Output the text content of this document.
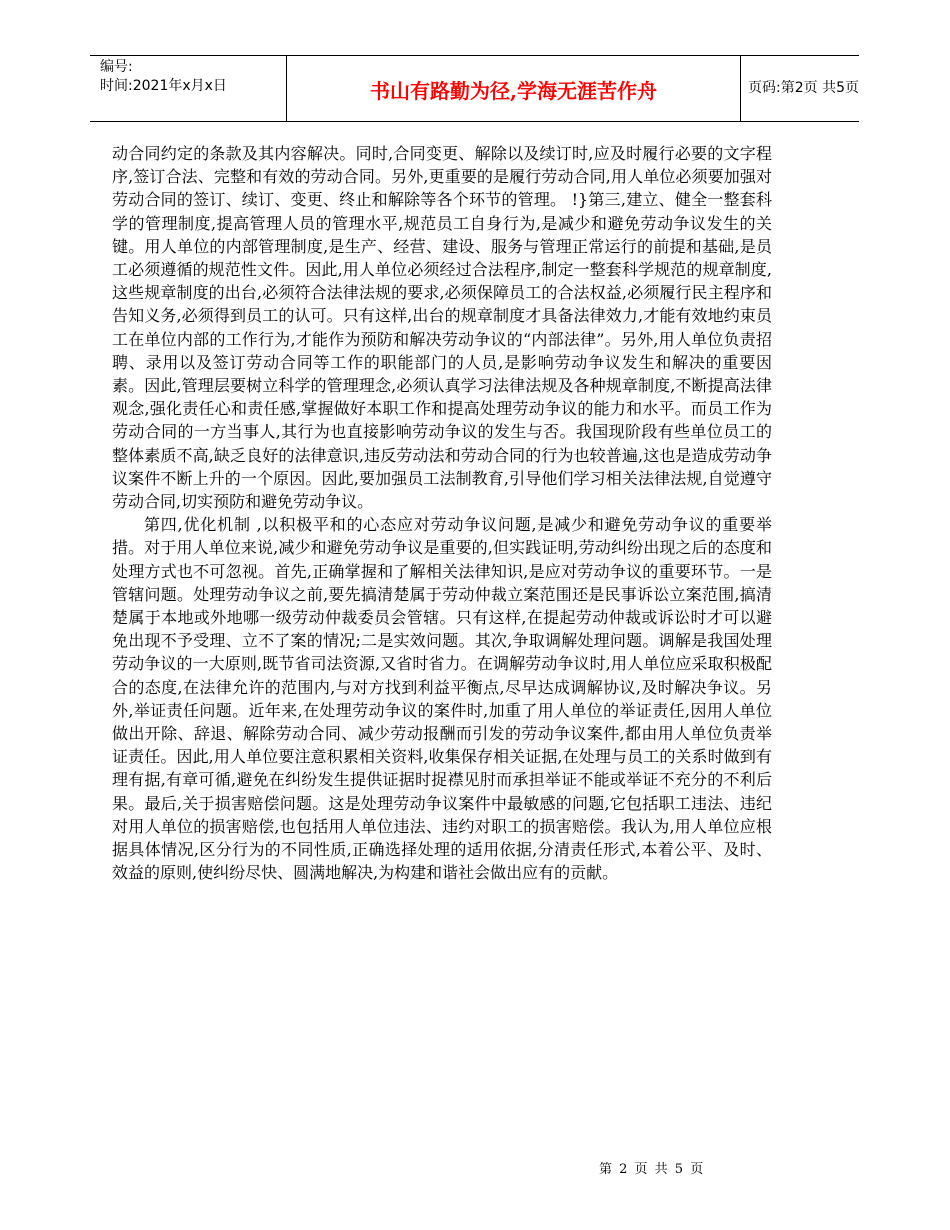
编号:
时间:2021年x月x日	书山有路勤为径,学海无涯苦作舟	页码:第2页 共5页

动合同约定的条款及其内容解决。同时,合同变更、解除以及续订时,应及时履行必要的文字程序,签订合法、完整和有效的劳动合同。另外,更重要的是履行劳动合同,用人单位必须要加强对劳动合同的签订、续订、变更、终止和解除等各个环节的管理。 !}第三,建立、健全一整套科学的管理制度,提高管理人员的管理水平,规范员工自身行为,是减少和避免劳动争议发生的关键。用人单位的内部管理制度,是生产、经营、建设、服务与管理正常运行的前提和基础,是员工必须遵循的规范性文件。因此,用人单位必须经过合法程序,制定一整套科学规范的规章制度,这些规章制度的出台,必须符合法律法规的要求,必须保障员工的合法权益,必须履行民主程序和告知义务,必须得到员工的认可。只有这样,出台的规章制度才具备法律效力,才能有效地约束员工在单位内部的工作行为,才能作为预防和解决劳动争议的“内部法律”。另外,用人单位负责招聘、录用以及签订劳动合同等工作的职能部门的人员,是影响劳动争议发生和解决的重要因素。因此,管理层要树立科学的管理理念,必须认真学习法律法规及各种规章制度,不断提高法律观念,强化责任心和责任感,掌握做好本职工作和提高处理劳动争议的能力和水平。而员工作为劳动合同的一方当事人,其行为也直接影响劳动争议的发生与否。我国现阶段有些单位员工的整体素质不高,缺乏良好的法律意识,违反劳动法和劳动合同的行为也较普遍,这也是造成劳动争议案件不断上升的一个原因。因此,要加强员工法制教育,引导他们学习相关法律法规,自觉遵守劳动合同,切实预防和避免劳动争议。

第四,优化机制 ,以积极平和的心态应对劳动争议问题,是减少和避免劳动争议的重要举措。对于用人单位来说,减少和避免劳动争议是重要的,但实践证明,劳动纠纷出现之后的态度和处理方式也不可忽视。首先,正确掌握和了解相关法律知识,是应对劳动争议的重要环节。一是管辖问题。处理劳动争议之前,要先搞清楚属于劳动仲裁立案范围还是民事诉讼立案范围,搞清楚属于本地或外地哪一级劳动仲裁委员会管辖。只有这样,在提起劳动仲裁或诉讼时才可以避免出现不予受理、立不了案的情况;二是实效问题。其次,争取调解处理问题。调解是我国处理劳动争议的一大原则,既节省司法资源,又省时省力。在调解劳动争议时,用人单位应采取积极配合的态度,在法律允许的范围内,与对方找到利益平衡点,尽早达成调解协议,及时解决争议。另外,举证责任问题。近年来,在处理劳动争议的案件时,加重了用人单位的举证责任,因用人单位做出开除、辞退、解除劳动合同、减少劳动报酬而引发的劳动争议案件,都由用人单位负责举证责任。因此,用人单位要注意积累相关资料,收集保存相关证据,在处理与员工的关系时做到有理有据,有章可循,避免在纠纷发生提供证据时捉襟见肘而承担举证不能或举证不充分的不利后果。最后,关于损害赔偿问题。这是处理劳动争议案件中最敏感的问题,它包括职工违法、违纪对用人单位的损害赔偿,也包括用人单位违法、违约对职工的损害赔偿。我认为,用人单位应根据具体情况,区分行为的不同性质,正确选择处理的适用依据,分清责任形式,本着公平、及时、效益的原则,使纠纷尽快、圆满地解决,为构建和谐社会做出应有的贡献。

第 2 页 共 5 页
